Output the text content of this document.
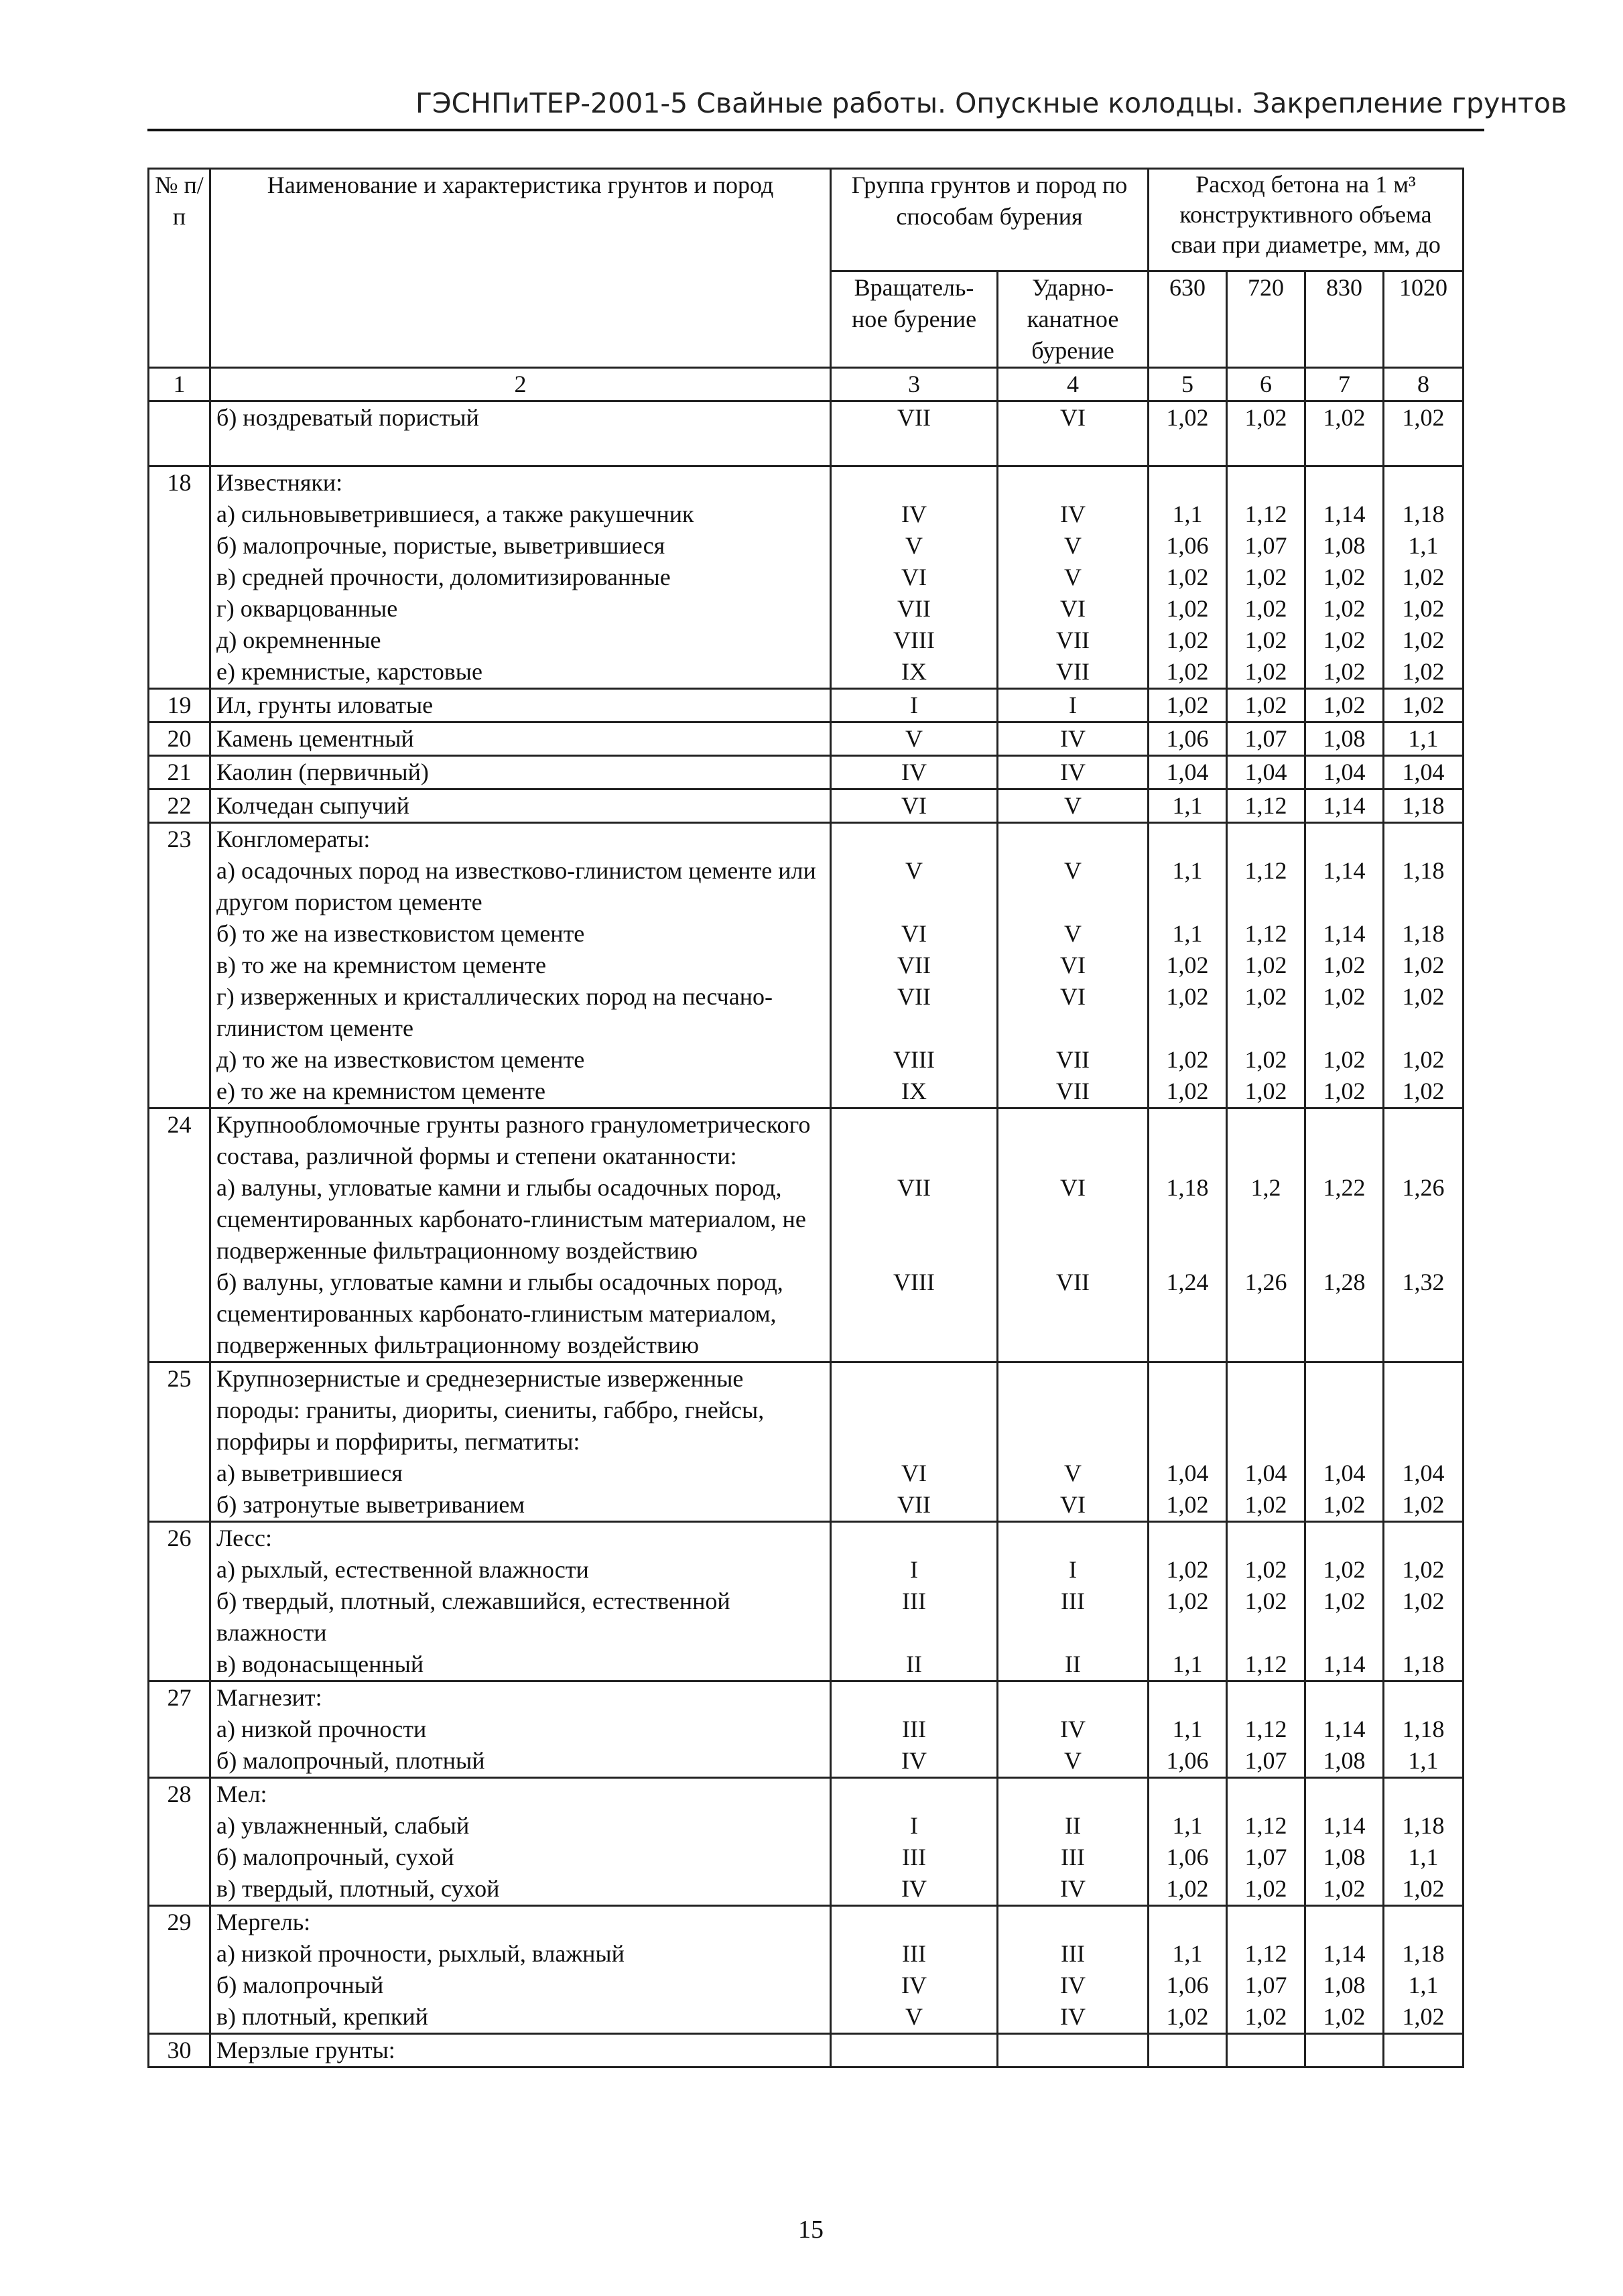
ГЭСНПиТЕР-2001-5 Свайные работы. Опускные колодцы. Закрепление грунтов
№ п/п	Наименование и характеристика грунтов и пород	Группа грунтов и пород по способам бурения		Расход бетона на 1 м³ конструктивного объема сваи при диаметре, мм, до			
		Вращатель-ное бурение	Ударно-канатное бурение	630	720	830	1020
1	2	3	4	5	6	7	8
	б) ноздреватый пористый	VII	VI	1,02	1,02	1,02	1,02

18	Известняки:						
	а) сильновыветрившиеся, а также ракушечник	IV	IV	1,1	1,12	1,14	1,18
	б) малопрочные, пористые, выветрившиеся	V	V	1,06	1,07	1,08	1,1
	в) средней прочности, доломитизированные	VI	V	1,02	1,02	1,02	1,02
	г) окварцованные	VII	VI	1,02	1,02	1,02	1,02
	д) окремненные	VIII	VII	1,02	1,02	1,02	1,02
	е) кремнистые, карстовые	IX	VII	1,02	1,02	1,02	1,02
19	Ил, грунты иловатые	I	I	1,02	1,02	1,02	1,02
20	Камень цементный	V	IV	1,06	1,07	1,08	1,1
21	Каолин (первичный)	IV	IV	1,04	1,04	1,04	1,04
22	Колчедан сыпучий	VI	V	1,1	1,12	1,14	1,18
23	Конгломераты:						
	а) осадочных пород на известково-глинистом цементе или другом пористом цементе	V	V	1,1	1,12	1,14	1,18
	б) то же на известковистом цементе	VI	V	1,1	1,12	1,14	1,18
	в) то же на кремнистом цементе	VII	VI	1,02	1,02	1,02	1,02
	г) изверженных и кристаллических пород на песчано-глинистом цементе	VII	VI	1,02	1,02	1,02	1,02
	д) то же на известковистом цементе	VIII	VII	1,02	1,02	1,02	1,02
	е) то же на кремнистом цементе	IX	VII	1,02	1,02	1,02	1,02
24	Крупнообломочные грунты разного гранулометрического состава, различной формы и степени окатанности:						
	а) валуны, угловатые камни и глыбы осадочных пород, сцементированных карбонато-глинистым материалом, не подверженные фильтрационному воздействию	VII	VI	1,18	1,2	1,22	1,26
	б) валуны, угловатые камни и глыбы осадочных пород, сцементированных карбонато-глинистым материалом, подверженных фильтрационному воздействию	VIII	VII	1,24	1,26	1,28	1,32
25	Крупнозернистые и среднезернистые изверженные породы: граниты, диориты, сиениты, габбро, гнейсы, порфиры и порфириты, пегматиты:						
	а) выветрившиеся	VI	V	1,04	1,04	1,04	1,04
	б) затронутые выветриванием	VII	VI	1,02	1,02	1,02	1,02
26	Лесс:						
	а) рыхлый, естественной влажности	I	I	1,02	1,02	1,02	1,02
	б) твердый, плотный, слежавшийся, естественной влажности	III	III	1,02	1,02	1,02	1,02
	в) водонасыщенный	II	II	1,1	1,12	1,14	1,18
27	Магнезит:						
	а) низкой прочности	III	IV	1,1	1,12	1,14	1,18
	б) малопрочный, плотный	IV	V	1,06	1,07	1,08	1,1
28	Мел:						
	а) увлажненный, слабый	I	II	1,1	1,12	1,14	1,18
	б) малопрочный, сухой	III	III	1,06	1,07	1,08	1,1
	в) твердый, плотный, сухой	IV	IV	1,02	1,02	1,02	1,02
29	Мергель:						
	а) низкой прочности, рыхлый, влажный	III	III	1,1	1,12	1,14	1,18
	б) малопрочный	IV	IV	1,06	1,07	1,08	1,1
	в) плотный, крепкий	V	IV	1,02	1,02	1,02	1,02
30	Мерзлые грунты:						
15
